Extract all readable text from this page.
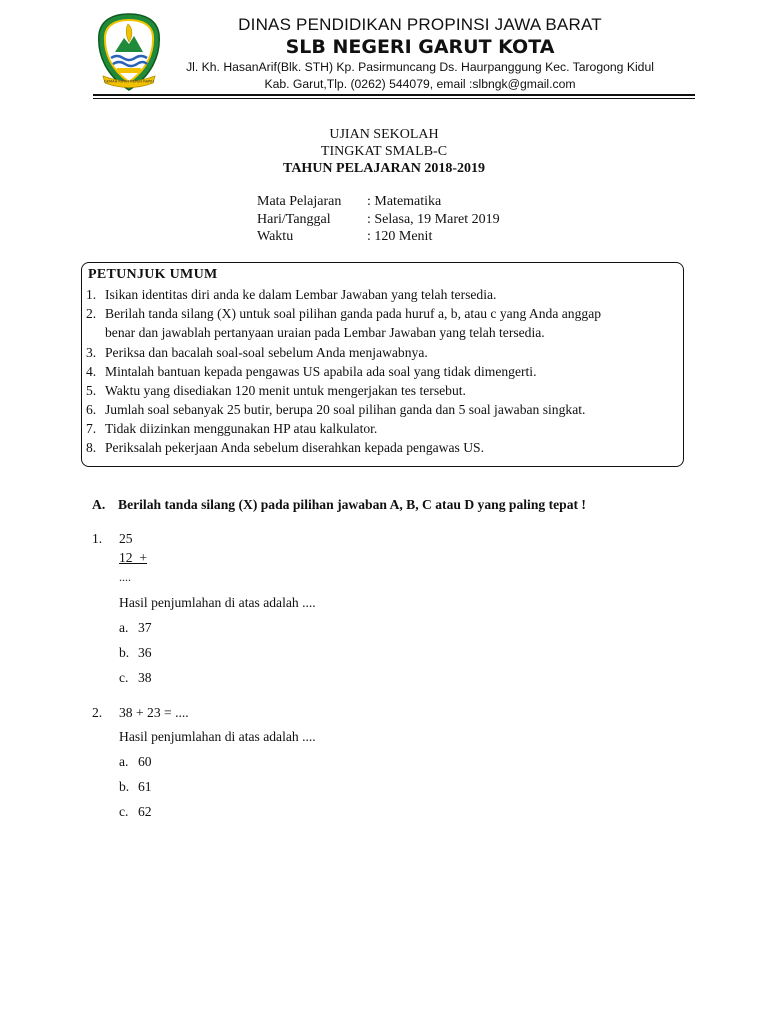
GEMAH RIPAH REPEH RAPIH
DINAS PENDIDIKAN PROPINSI JAWA BARAT
SLB NEGERI GARUT KOTA
Jl. Kh. HasanArif(Blk. STH) Kp. Pasirmuncang Ds. Haurpanggung Kec. Tarogong Kidul
Kab. Garut,Tlp. (0262) 544079, email :slbngk@gmail.com
UJIAN SEKOLAH
TINGKAT SMALB-C
TAHUN PELAJARAN 2018-2019
Mata Pelajaran : Matematika
Hari/Tanggal	: Selasa, 19 Maret 2019
Waktu	: 120 Menit
PETUNJUK UMUM
1. Isikan identitas diri anda ke dalam Lembar Jawaban yang telah tersedia.
2. Berilah tanda silang (X) untuk soal pilihan ganda pada huruf a, b, atau c yang Anda anggap
benar dan jawablah pertanyaan uraian pada Lembar Jawaban yang telah tersedia.
3. Periksa dan bacalah soal-soal sebelum Anda menjawabnya.
4. Mintalah bantuan kepada pengawas US apabila ada soal yang tidak dimengerti.
5. Waktu yang disediakan 120 menit untuk mengerjakan tes tersebut.
6. Jumlah soal sebanyak 25 butir, berupa 20 soal pilihan ganda dan 5 soal jawaban singkat.
7. Tidak diizinkan menggunakan HP atau kalkulator.
8. Periksalah pekerjaan Anda sebelum diserahkan kepada pengawas US.
A. Berilah tanda silang (X) pada pilihan jawaban A, B, C atau D yang paling tepat !
1. 25
12  +
....
Hasil penjumlahan di atas adalah ....
a. 37
b. 36
c. 38
2. 38 + 23 = ....
Hasil penjumlahan di atas adalah ....
a. 60
b. 61
c. 62
